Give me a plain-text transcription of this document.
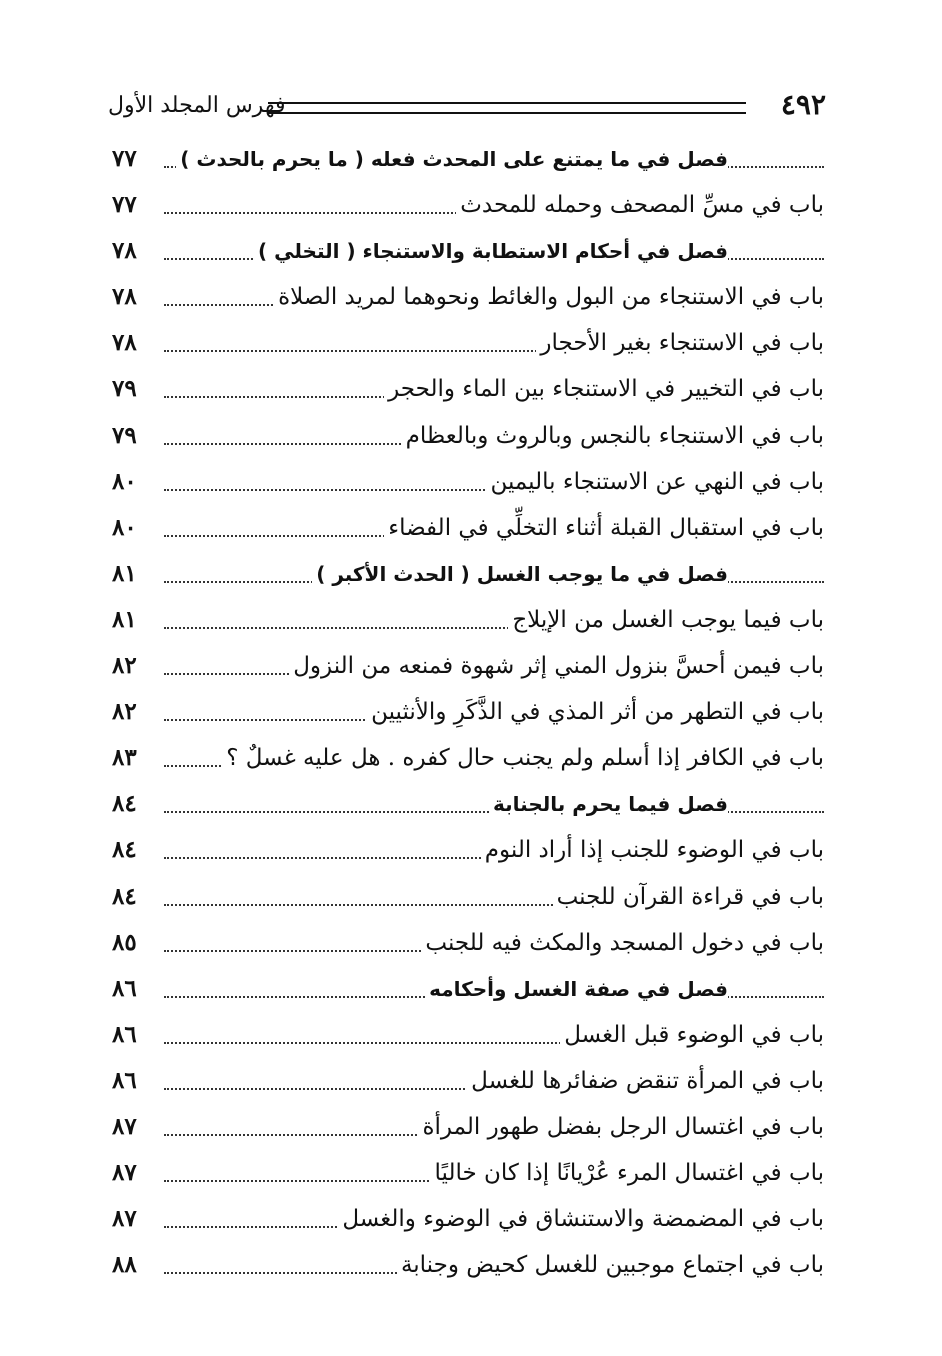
٤٩٢
فهرس المجلد الأول
فصل في ما يمتنع على المحدث فعله ( ما يحرم بالحدث )
٧٧
باب في مسِّ المصحف وحمله للمحدث
٧٧
فصل في أحكام الاستطابة والاستنجاء ( التخلي )
٧٨
باب في الاستنجاء من البول والغائط ونحوهما لمريد الصلاة
٧٨
باب في الاستنجاء بغير الأحجار
٧٨
باب في التخيير في الاستنجاء بين الماء والحجر
٧٩
باب في الاستنجاء بالنجس وبالروث وبالعظام
٧٩
باب في النهي عن الاستنجاء باليمين
٨٠
باب في استقبال القبلة أثناء التخلِّي في الفضاء
٨٠
فصل في ما يوجب الغسل ( الحدث الأكبر )
٨١
باب فيما يوجب الغسل من الإيلاج
٨١
باب فيمن أحسَّ بنزول المني إثر شهوة فمنعه من النزول
٨٢
باب في التطهر من أثر المذي في الذَّكَرِ والأنثيين
٨٢
باب في الكافر إذا أسلم ولم يجنب حال كفره . هل عليه غسلٌ ؟
٨٣
فصل فيما يحرم بالجنابة
٨٤
باب في الوضوء للجنب إذا أراد النوم
٨٤
باب في قراءة القرآن للجنب
٨٤
باب في دخول المسجد والمكث فيه للجنب
٨٥
فصل في صفة الغسل وأحكامه
٨٦
باب في الوضوء قبل الغسل
٨٦
باب في المرأة تنقض ضفائرها للغسل
٨٦
باب في اغتسال الرجل بفضل طهور المرأة
٨٧
باب في اغتسال المرء عُرْيانًا إذا كان خاليًا
٨٧
باب في المضمضة والاستنشاق في الوضوء والغسل
٨٧
باب في اجتماع موجبين للغسل كحيض وجنابة
٨٨
